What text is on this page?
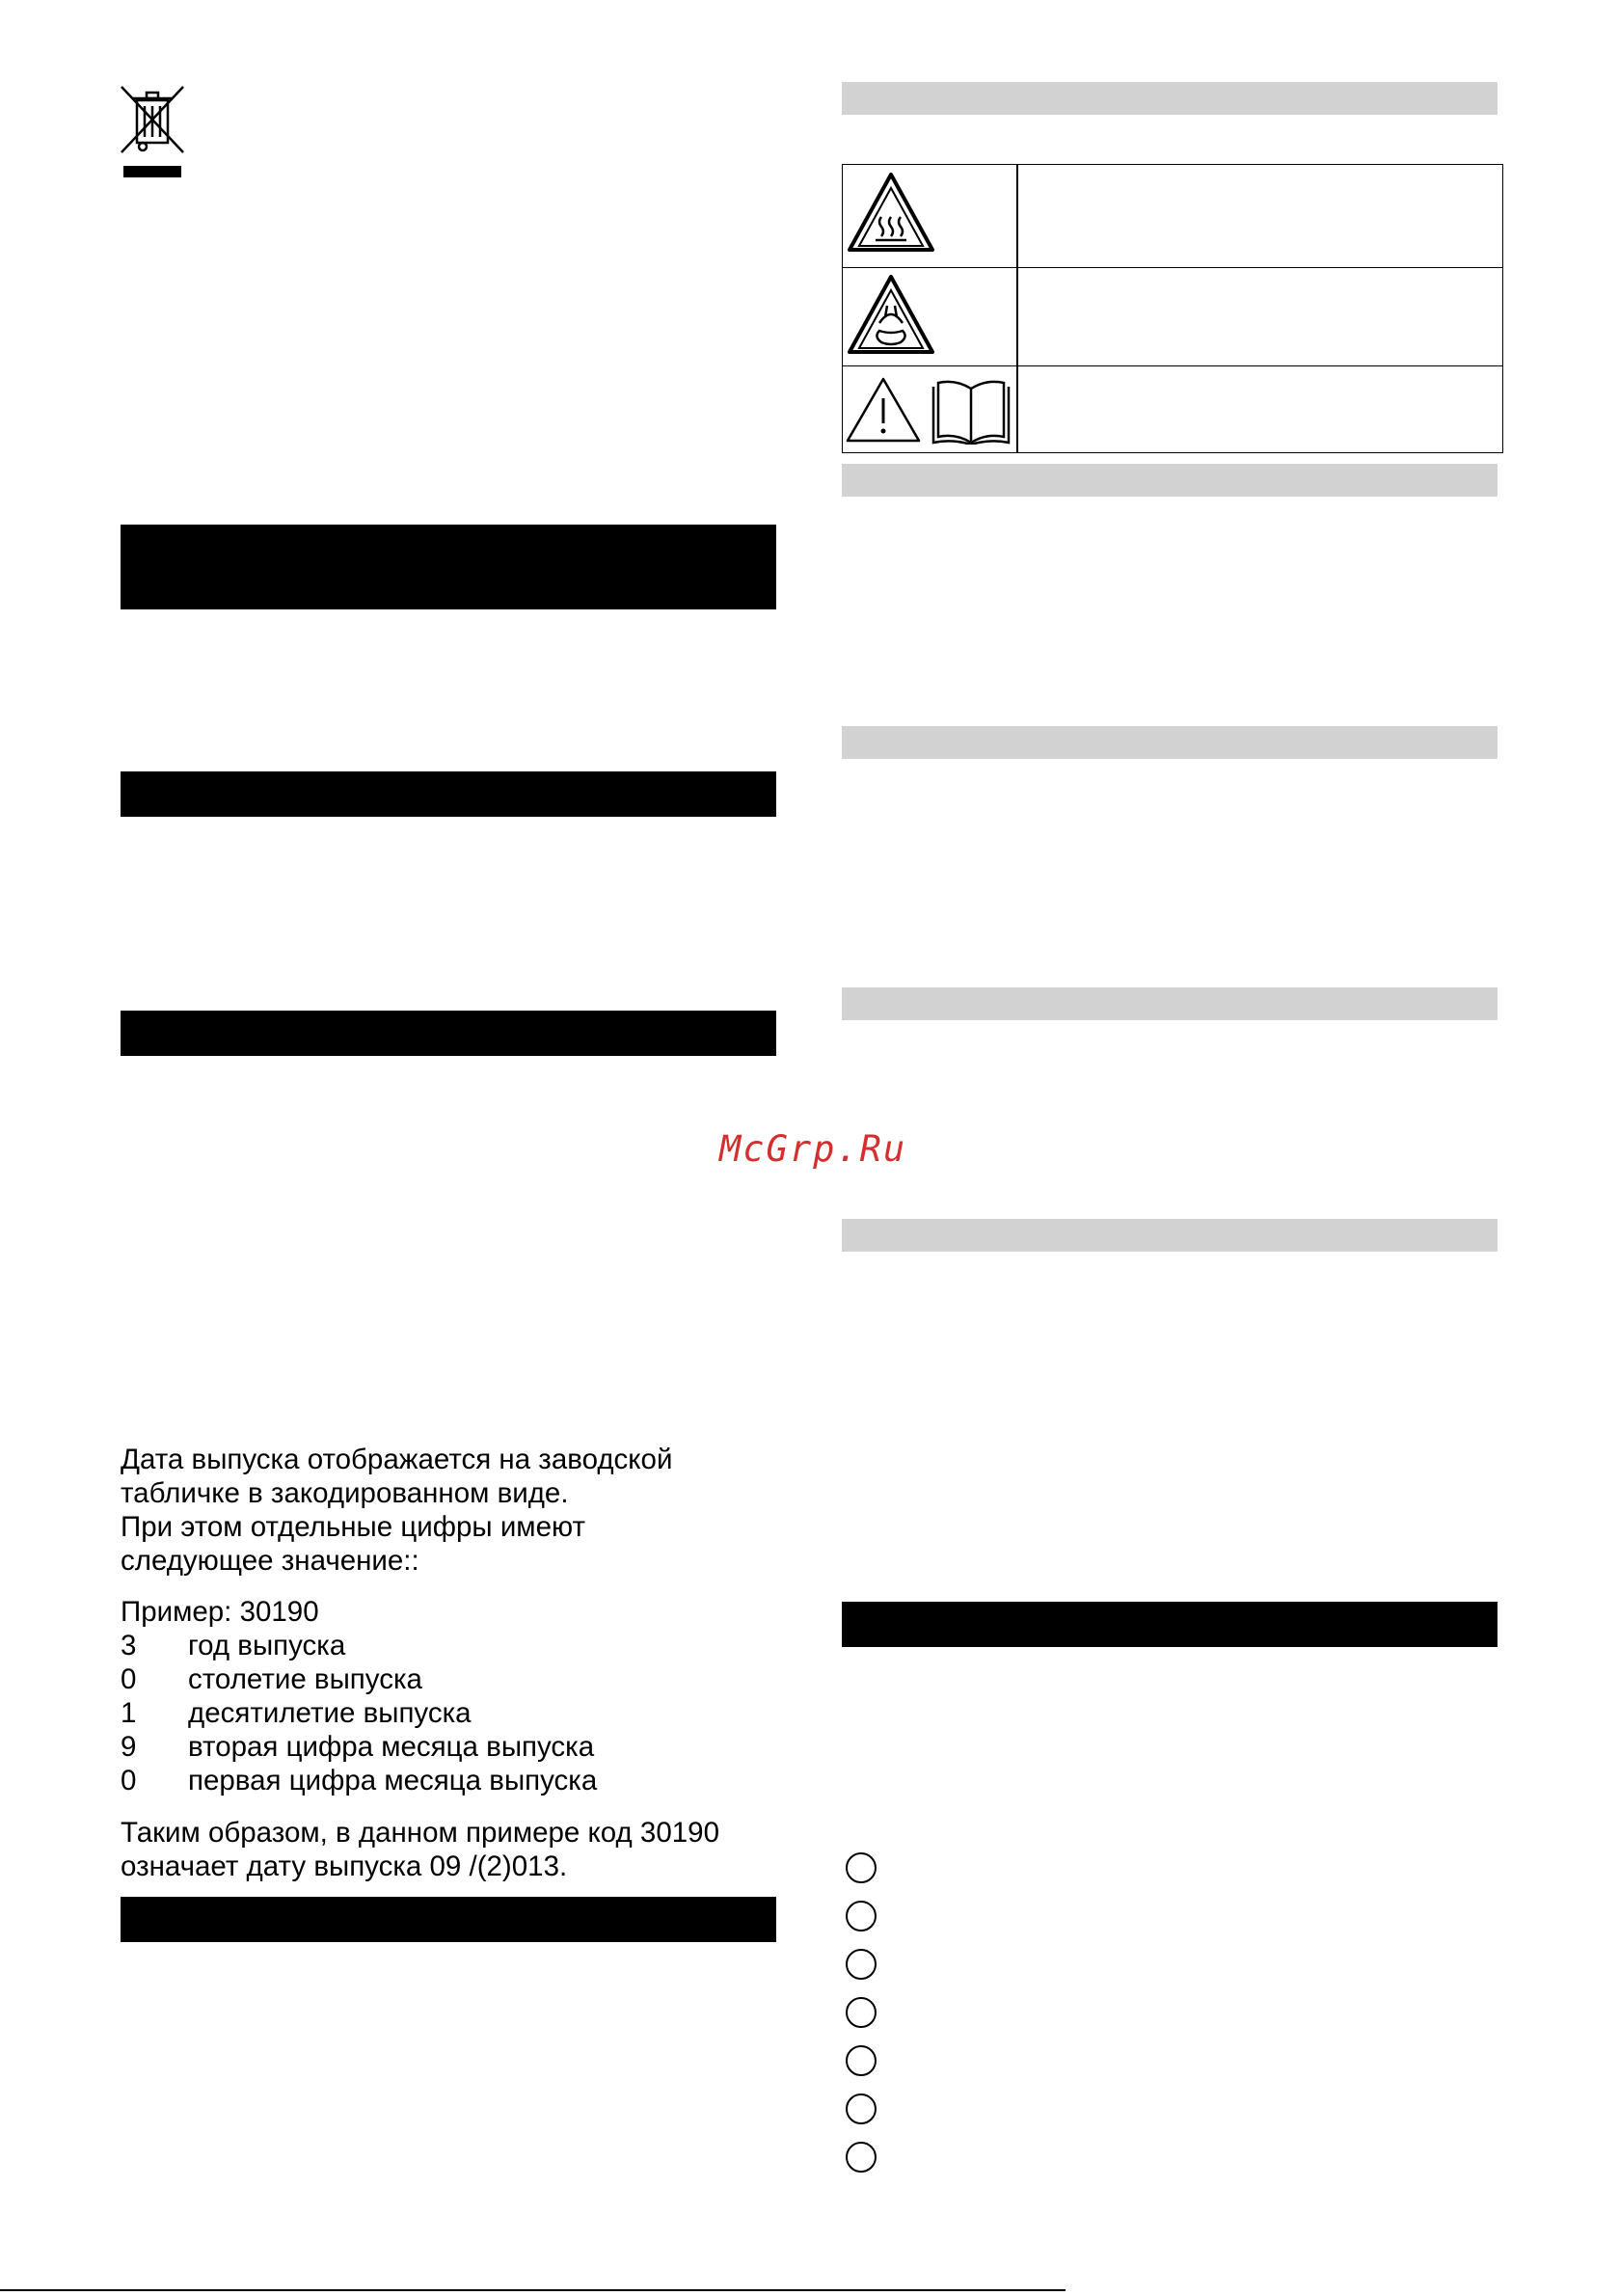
McGrp.Ru
Дата выпуска отображается на заводской
табличке в закодированном виде.
При этом отдельные цифры имеют
следующее значение::
Пример: 30190
3 год выпуска
0 столетие выпуска
1 десятилетие выпуска
9 вторая цифра месяца выпуска
0 первая цифра месяца выпуска
Таким образом, в данном примере код 30190
означает дату выпуска 09 /(2)013.
